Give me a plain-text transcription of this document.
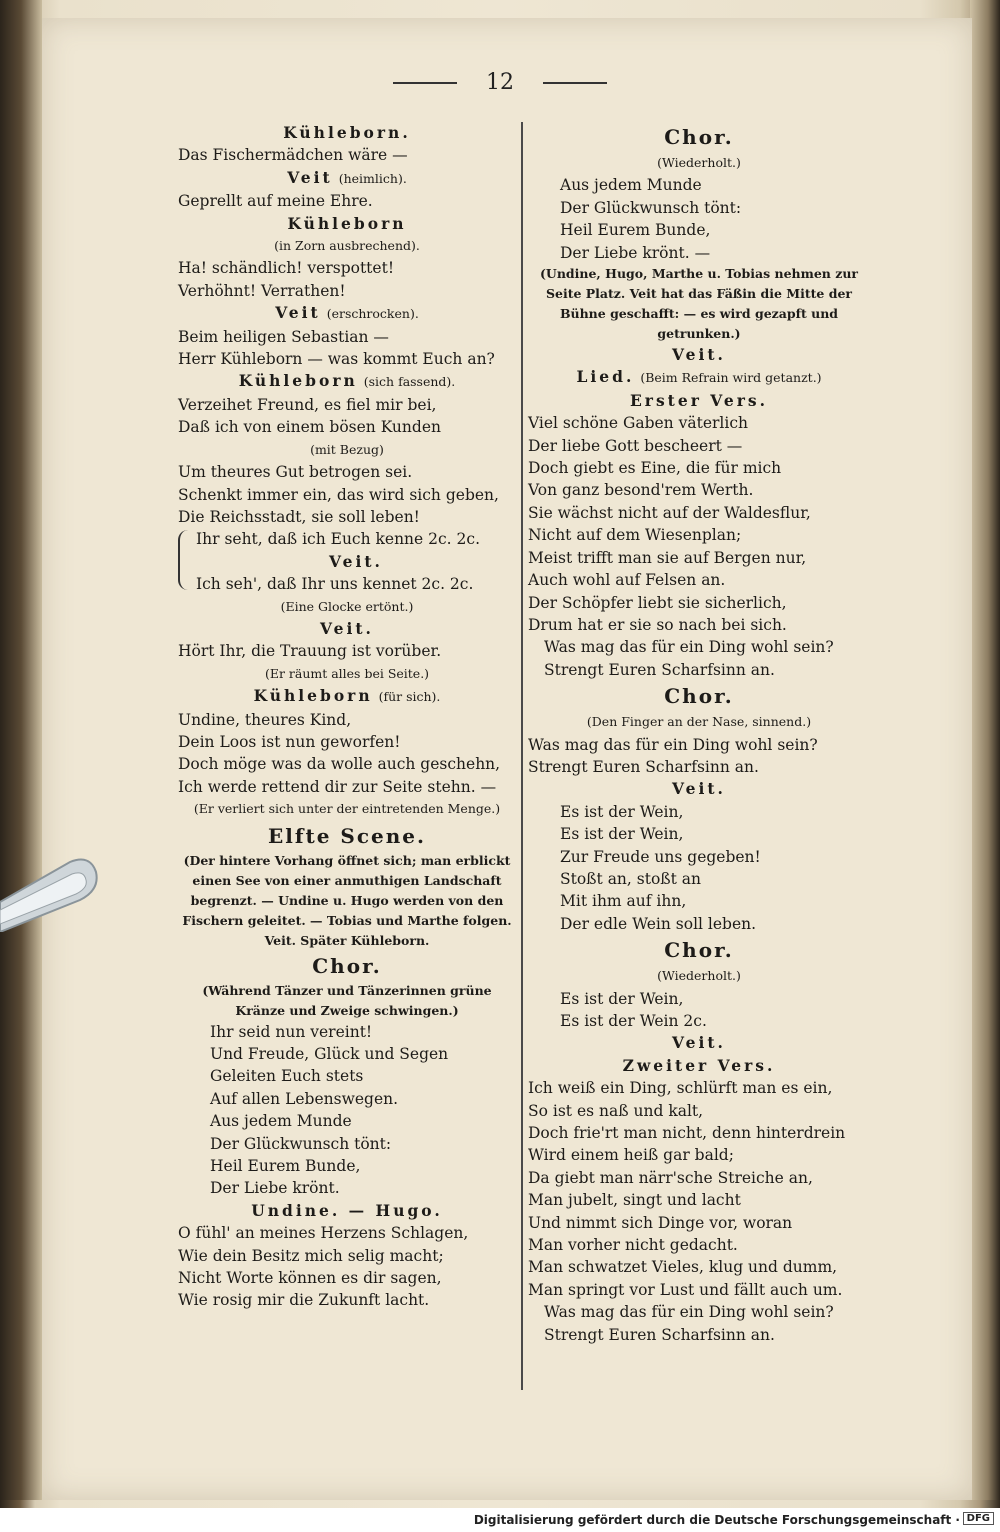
12
Kühleborn.
Das Fischermädchen wäre —
Veit (heimlich).
Geprellt auf meine Ehre.
Kühleborn
(in Zorn ausbrechend).
Ha! schändlich! verspottet!
Verhöhnt! Verrathen!
Veit (erschrocken).
Beim heiligen Sebastian —
Herr Kühleborn — was kommt Euch an?
Kühleborn (sich fassend).
Verzeihet Freund, es fiel mir bei,
Daß ich von einem bösen Kunden
(mit Bezug)
Um theures Gut betrogen sei.
Schenkt immer ein, das wird sich geben,
Die Reichsstadt, sie soll leben!
Ihr seht, daß ich Euch kenne 2c. 2c.
Veit.
Ich seh', daß Ihr uns kennet 2c. 2c.
(Eine Glocke ertönt.)
Veit.
Hört Ihr, die Trauung ist vorüber.
(Er räumt alles bei Seite.)
Kühleborn (für sich).
Undine, theures Kind,
Dein Loos ist nun geworfen!
Doch möge was da wolle auch geschehn,
Ich werde rettend dir zur Seite stehn. —
(Er verliert sich unter der eintretenden Menge.)
Elfte Scene.
(Der hintere Vorhang öffnet sich; man erblickt einen See von einer anmuthigen Landschaft begrenzt. — Undine u. Hugo werden von den Fischern geleitet. — Tobias und Marthe folgen. Veit. Später Kühleborn.
Chor.
(Während Tänzer und Tänzerinnen grüne Kränze und Zweige schwingen.)
Ihr seid nun vereint!
Und Freude, Glück und Segen
Geleiten Euch stets
Auf allen Lebenswegen.
Aus jedem Munde
Der Glückwunsch tönt:
Heil Eurem Bunde,
Der Liebe krönt.
Undine. — Hugo.
O fühl' an meines Herzens Schlagen,
Wie dein Besitz mich selig macht;
Nicht Worte können es dir sagen,
Wie rosig mir die Zukunft lacht.
Chor.
(Wiederholt.)
Aus jedem Munde
Der Glückwunsch tönt:
Heil Eurem Bunde,
Der Liebe krönt. —
(Undine, Hugo, Marthe u. Tobias nehmen zur Seite Platz. Veit hat das Fäßin die Mitte der Bühne geschafft: — es wird gezapft und getrunken.)
Veit.
Lied. (Beim Refrain wird getanzt.)
Erster Vers.
Viel schöne Gaben väterlich
Der liebe Gott bescheert —
Doch giebt es Eine, die für mich
Von ganz besond'rem Werth.
Sie wächst nicht auf der Waldesflur,
Nicht auf dem Wiesenplan;
Meist trifft man sie auf Bergen nur,
Auch wohl auf Felsen an.
Der Schöpfer liebt sie sicherlich,
Drum hat er sie so nach bei sich.
Was mag das für ein Ding wohl sein?
Strengt Euren Scharfsinn an.
Chor.
(Den Finger an der Nase, sinnend.)
Was mag das für ein Ding wohl sein?
Strengt Euren Scharfsinn an.
Veit.
Es ist der Wein,
Es ist der Wein,
Zur Freude uns gegeben!
Stoßt an, stoßt an
Mit ihm auf ihn,
Der edle Wein soll leben.
Chor.
(Wiederholt.)
Es ist der Wein,
Es ist der Wein 2c.
Veit.
Zweiter Vers.
Ich weiß ein Ding, schlürft man es ein,
So ist es naß und kalt,
Doch frie'rt man nicht, denn hinterdrein
Wird einem heiß gar bald;
Da giebt man närr'sche Streiche an,
Man jubelt, singt und lacht
Und nimmt sich Dinge vor, woran
Man vorher nicht gedacht.
Man schwatzet Vieles, klug und dumm,
Man springt vor Lust und fällt auch um.
Was mag das für ein Ding wohl sein?
Strengt Euren Scharfsinn an.
Digitalisierung gefördert durch die Deutsche Forschungsgemeinschaft · DFG
